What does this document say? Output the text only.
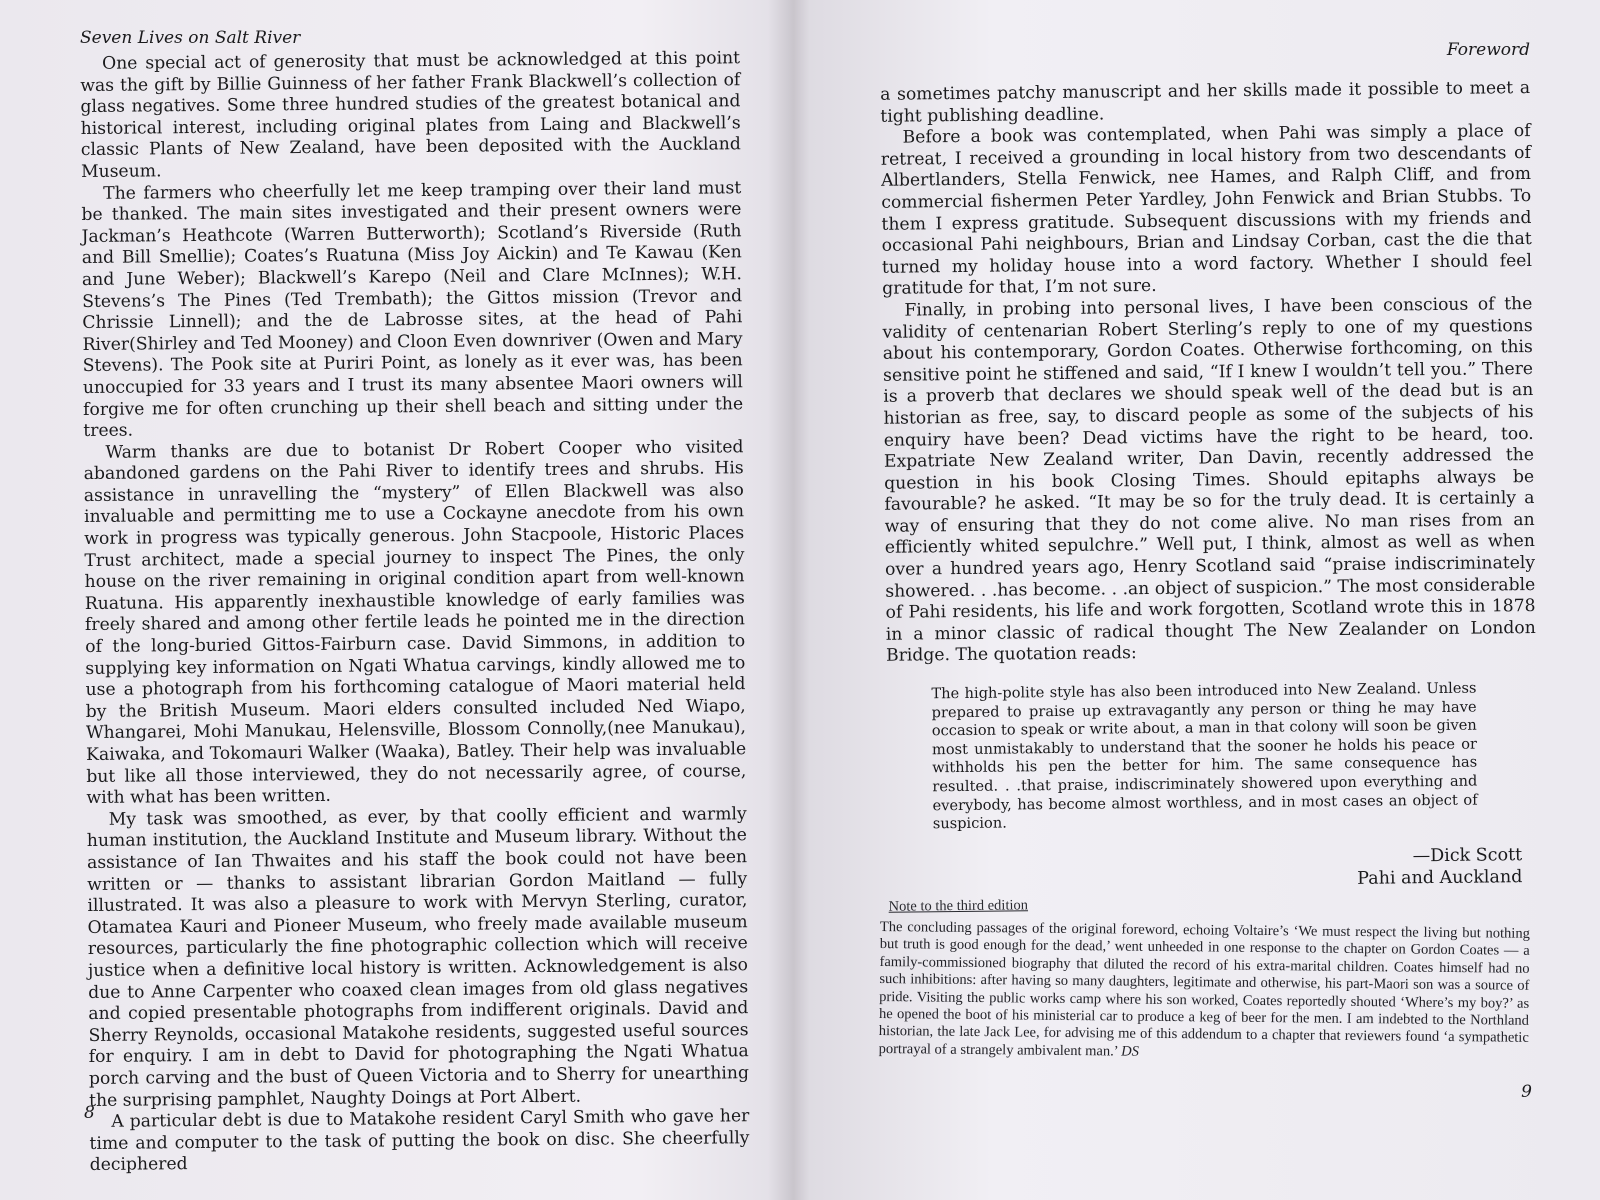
Seven Lives on Salt River

One special act of generosity that must be acknowledged at this point was the gift by Billie Guinness of her father Frank Blackwell’s collection of glass negatives. Some three hundred studies of the greatest botanical and historical interest, including original plates from Laing and Blackwell’s classic Plants of New Zealand, have been deposited with the Auckland Museum.

The farmers who cheerfully let me keep tramping over their land must be thanked. The main sites investigated and their present owners were Jackman’s Heathcote (Warren Butterworth); Scotland’s Riverside (Ruth and Bill Smellie); Coates’s Ruatuna (Miss Joy Aickin) and Te Kawau (Ken and June Weber); Blackwell’s Karepo (Neil and Clare McInnes); W.H. Stevens’s The Pines (Ted Trembath); the Gittos mission (Trevor and Chrissie Linnell); and the de Labrosse sites, at the head of Pahi River(Shirley and Ted Mooney) and Cloon Even downriver (Owen and Mary Stevens). The Pook site at Puriri Point, as lonely as it ever was, has been unoccupied for 33 years and I trust its many absentee Maori owners will forgive me for often crunching up their shell beach and sitting under the trees.

Warm thanks are due to botanist Dr Robert Cooper who visited abandoned gardens on the Pahi River to identify trees and shrubs. His assistance in unravelling the “mystery” of Ellen Blackwell was also invaluable and permitting me to use a Cockayne anecdote from his own work in progress was typically generous. John Stacpoole, Historic Places Trust architect, made a special journey to inspect The Pines, the only house on the river remaining in original condition apart from well-known Ruatuna. His apparently inexhaustible knowledge of early families was freely shared and among other fertile leads he pointed me in the direction of the long-buried Gittos-Fairburn case. David Simmons, in addition to supplying key information on Ngati Whatua carvings, kindly allowed me to use a photograph from his forthcoming catalogue of Maori material held by the British Museum. Maori elders consulted included Ned Wiapo, Whangarei, Mohi Manukau, Helensville, Blossom Connolly,(nee Manukau), Kaiwaka, and Tokomauri Walker (Waaka), Batley. Their help was invaluable but like all those interviewed, they do not necessarily agree, of course, with what has been written.

My task was smoothed, as ever, by that coolly efficient and warmly human institution, the Auckland Institute and Museum library. Without the assistance of Ian Thwaites and his staff the book could not have been written or — thanks to assistant librarian Gordon Maitland — fully illustrated. It was also a pleasure to work with Mervyn Sterling, curator, Otamatea Kauri and Pioneer Museum, who freely made available museum resources, particularly the fine photographic collection which will receive justice when a definitive local history is written. Acknowledgement is also due to Anne Carpenter who coaxed clean images from old glass negatives and copied presentable photographs from indifferent originals. David and Sherry Reynolds, occasional Matakohe residents, suggested useful sources for enquiry. I am in debt to David for photographing the Ngati Whatua porch carving and the bust of Queen Victoria and to Sherry for unearthing the surprising pamphlet, Naughty Doings at Port Albert.

A particular debt is due to Matakohe resident Caryl Smith who gave her time and computer to the task of putting the book on disc. She cheerfully deciphered

8
Foreword

a sometimes patchy manuscript and her skills made it possible to meet a tight publishing deadline.

Before a book was contemplated, when Pahi was simply a place of retreat, I received a grounding in local history from two descendants of Albertlanders, Stella Fenwick, nee Hames, and Ralph Cliff, and from commercial fishermen Peter Yardley, John Fenwick and Brian Stubbs. To them I express gratitude. Subsequent discussions with my friends and occasional Pahi neighbours, Brian and Lindsay Corban, cast the die that turned my holiday house into a word factory. Whether I should feel gratitude for that, I’m not sure.

Finally, in probing into personal lives, I have been conscious of the validity of centenarian Robert Sterling’s reply to one of my questions about his contemporary, Gordon Coates. Otherwise forthcoming, on this sensitive point he stiffened and said, “If I knew I wouldn’t tell you.” There is a proverb that declares we should speak well of the dead but is an historian as free, say, to discard people as some of the subjects of his enquiry have been? Dead victims have the right to be heard, too. Expatriate New Zealand writer, Dan Davin, recently addressed the question in his book Closing Times. Should epitaphs always be favourable? he asked. “It may be so for the truly dead. It is certainly a way of ensuring that they do not come alive. No man rises from an efficiently whited sepulchre.” Well put, I think, almost as well as when over a hundred years ago, Henry Scotland said “praise indiscriminately showered. . .has become. . .an object of suspicion.” The most considerable of Pahi residents, his life and work forgotten, Scotland wrote this in 1878 in a minor classic of radical thought The New Zealander on London Bridge. The quotation reads:

The high-polite style has also been introduced into New Zealand. Unless prepared to praise up extravagantly any person or thing he may have occasion to speak or write about, a man in that colony will soon be given most unmistakably to understand that the sooner he holds his peace or withholds his pen the better for him. The same consequence has resulted. . .that praise, indiscriminately showered upon everything and everybody, has become almost worthless, and in most cases an object of suspicion.
—Dick Scott
Pahi and Auckland
Note to the third edition
The concluding passages of the original foreword, echoing Voltaire’s ‘We must respect the living but nothing but truth is good enough for the dead,’ went unheeded in one response to the chapter on Gordon Coates — a family-commissioned biography that diluted the record of his extra-marital children. Coates himself had no such inhibitions: after having so many daughters, legitimate and otherwise, his part-Maori son was a source of pride. Visiting the public works camp where his son worked, Coates reportedly shouted ‘Where’s my boy?’ as he opened the boot of his ministerial car to produce a keg of beer for the men. I am indebted to the Northland historian, the late Jack Lee, for advising me of this addendum to a chapter that reviewers found ‘a sympathetic portrayal of a strangely ambivalent man.’ DS
9
